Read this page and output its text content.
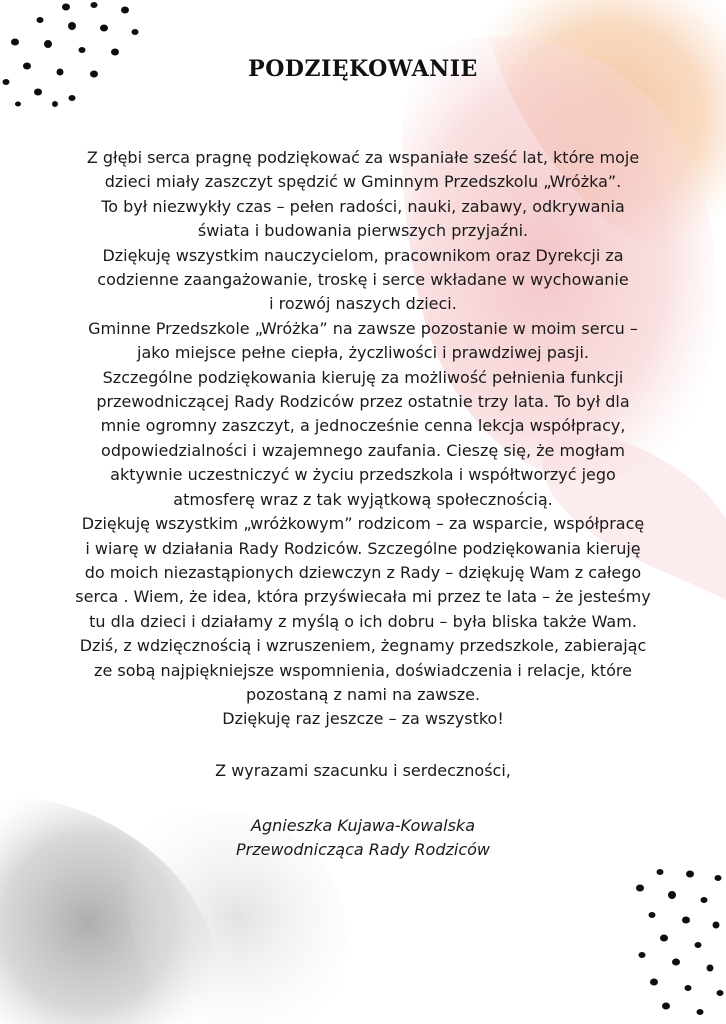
PODZIĘKOWANIE
Z głębi serca pragnę podziękować za wspaniałe sześć lat, które moje
dzieci miały zaszczyt spędzić w Gminnym Przedszkolu „Wróżka”.
To był niezwykły czas – pełen radości, nauki, zabawy, odkrywania
świata i budowania pierwszych przyjaźni.
Dziękuję wszystkim nauczycielom, pracownikom oraz Dyrekcji za
codzienne zaangażowanie, troskę i serce wkładane w wychowanie
i rozwój naszych dzieci.
Gminne Przedszkole „Wróżka” na zawsze pozostanie w moim sercu –
jako miejsce pełne ciepła, życzliwości i prawdziwej pasji.
Szczególne podziękowania kieruję za możliwość pełnienia funkcji
przewodniczącej Rady Rodziców przez ostatnie trzy lata. To był dla
mnie ogromny zaszczyt, a jednocześnie cenna lekcja współpracy,
odpowiedzialności i wzajemnego zaufania. Cieszę się, że mogłam
aktywnie uczestniczyć w życiu przedszkola i współtworzyć jego
atmosferę wraz z tak wyjątkową społecznością.
Dziękuję wszystkim „wróżkowym” rodzicom – za wsparcie, współpracę
i wiarę w działania Rady Rodziców. Szczególne podziękowania kieruję
do moich niezastąpionych dziewczyn z Rady – dziękuję Wam z całego
serca . Wiem, że idea, która przyświecała mi przez te lata – że jesteśmy
tu dla dzieci i działamy z myślą o ich dobru – była bliska także Wam.
Dziś, z wdzięcznością i wzruszeniem, żegnamy przedszkole, zabierając
ze sobą najpiękniejsze wspomnienia, doświadczenia i relacje, które
pozostaną z nami na zawsze.
Dziękuję raz jeszcze – za wszystko!
Z wyrazami szacunku i serdeczności,
Agnieszka Kujawa-Kowalska
Przewodnicząca Rady Rodziców
